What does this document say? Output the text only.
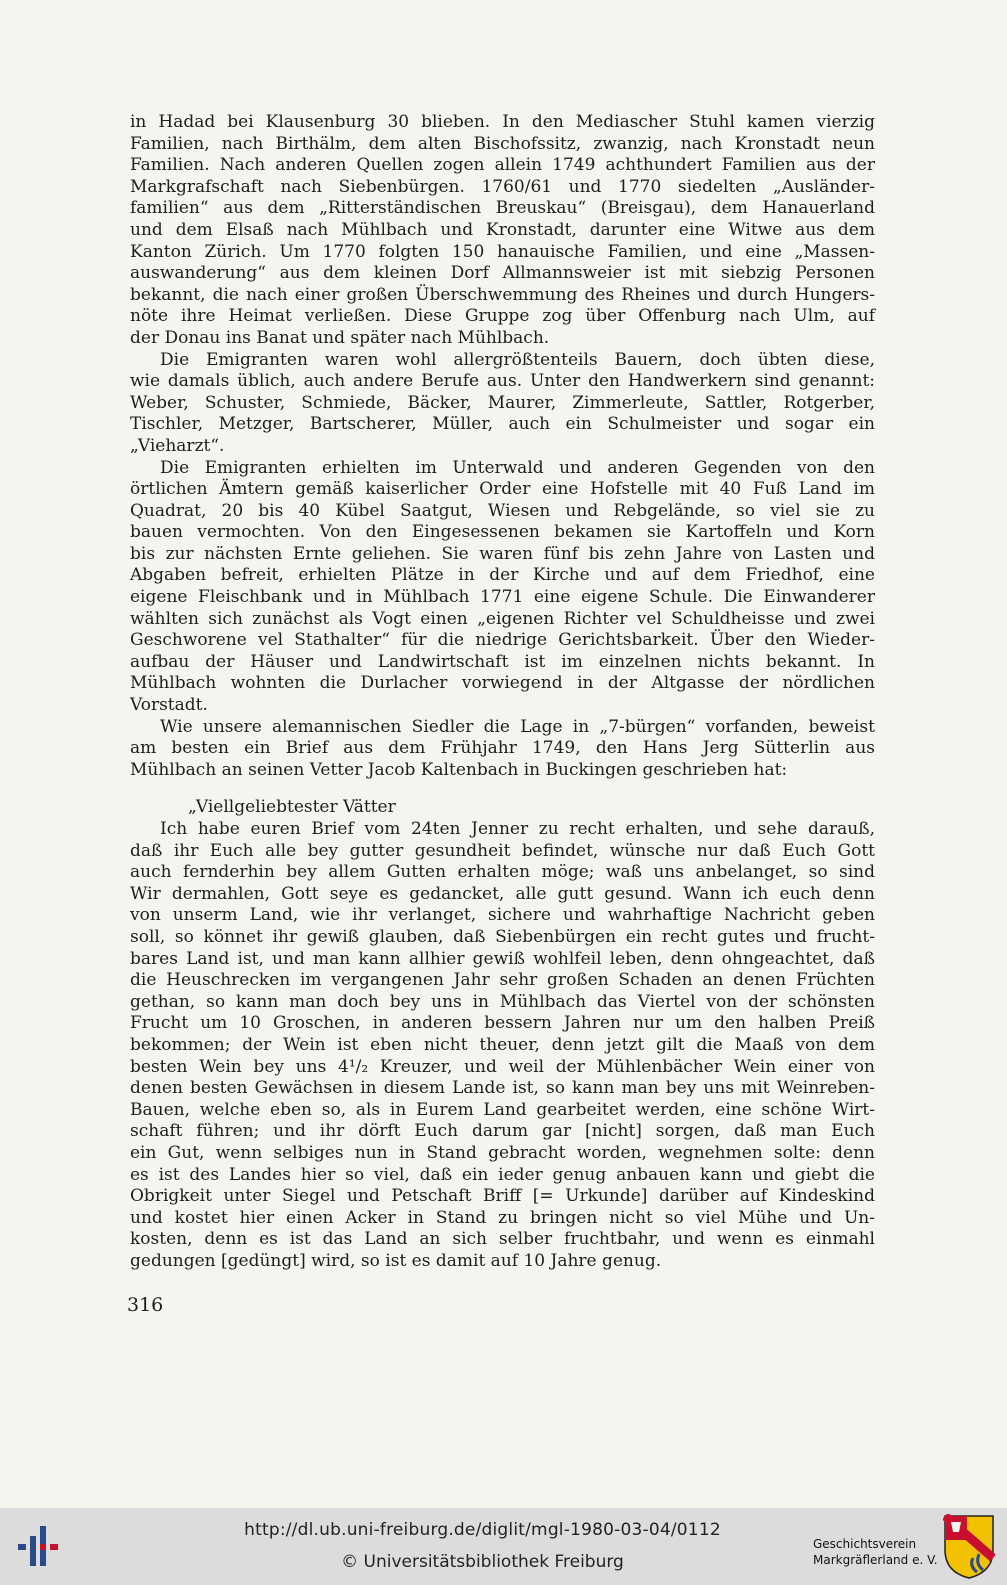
in Hadad bei Klausenburg 30 blieben. In den Mediascher Stuhl kamen vierzig
Familien, nach Birthälm, dem alten Bischofssitz, zwanzig, nach Kronstadt neun
Familien. Nach anderen Quellen zogen allein 1749 achthundert Familien aus der
Markgrafschaft nach Siebenbürgen. 1760/61 und 1770 siedelten „Ausländer-
familien“ aus dem „Ritterständischen Breuskau“ (Breisgau), dem Hanauerland
und dem Elsaß nach Mühlbach und Kronstadt, darunter eine Witwe aus dem
Kanton Zürich. Um 1770 folgten 150 hanauische Familien, und eine „Massen-
auswanderung“ aus dem kleinen Dorf Allmannsweier ist mit siebzig Personen
bekannt, die nach einer großen Überschwemmung des Rheines und durch Hungers-
nöte ihre Heimat verließen. Diese Gruppe zog über Offenburg nach Ulm, auf
der Donau ins Banat und später nach Mühlbach.
Die Emigranten waren wohl allergrößtenteils Bauern, doch übten diese,
wie damals üblich, auch andere Berufe aus. Unter den Handwerkern sind genannt:
Weber, Schuster, Schmiede, Bäcker, Maurer, Zimmerleute, Sattler, Rotgerber,
Tischler, Metzger, Bartscherer, Müller, auch ein Schulmeister und sogar ein
„Vieharzt“.
Die Emigranten erhielten im Unterwald und anderen Gegenden von den
örtlichen Ämtern gemäß kaiserlicher Order eine Hofstelle mit 40 Fuß Land im
Quadrat, 20 bis 40 Kübel Saatgut, Wiesen und Rebgelände, so viel sie zu
bauen vermochten. Von den Eingesessenen bekamen sie Kartoffeln und Korn
bis zur nächsten Ernte geliehen. Sie waren fünf bis zehn Jahre von Lasten und
Abgaben befreit, erhielten Plätze in der Kirche und auf dem Friedhof, eine
eigene Fleischbank und in Mühlbach 1771 eine eigene Schule. Die Einwanderer
wählten sich zunächst als Vogt einen „eigenen Richter vel Schuldheisse und zwei
Geschworene vel Stathalter“ für die niedrige Gerichtsbarkeit. Über den Wieder-
aufbau der Häuser und Landwirtschaft ist im einzelnen nichts bekannt. In
Mühlbach wohnten die Durlacher vorwiegend in der Altgasse der nördlichen
Vorstadt.
Wie unsere alemannischen Siedler die Lage in „7-bürgen“ vorfanden, beweist
am besten ein Brief aus dem Frühjahr 1749, den Hans Jerg Sütterlin aus
Mühlbach an seinen Vetter Jacob Kaltenbach in Buckingen geschrieben hat:
„Viellgeliebtester Vätter
Ich habe euren Brief vom 24ten Jenner zu recht erhalten, und sehe darauß,
daß ihr Euch alle bey gutter gesundheit befindet, wünsche nur daß Euch Gott
auch fernderhin bey allem Gutten erhalten möge; waß uns anbelanget, so sind
Wir dermahlen, Gott seye es gedancket, alle gutt gesund. Wann ich euch denn
von unserm Land, wie ihr verlanget, sichere und wahrhaftige Nachricht geben
soll, so könnet ihr gewiß glauben, daß Siebenbürgen ein recht gutes und frucht-
bares Land ist, und man kann allhier gewiß wohlfeil leben, denn ohngeachtet, daß
die Heuschrecken im vergangenen Jahr sehr großen Schaden an denen Früchten
gethan, so kann man doch bey uns in Mühlbach das Viertel von der schönsten
Frucht um 10 Groschen, in anderen bessern Jahren nur um den halben Preiß
bekommen; der Wein ist eben nicht theuer, denn jetzt gilt die Maaß von dem
besten Wein bey uns 4¹/₂ Kreuzer, und weil der Mühlenbächer Wein einer von
denen besten Gewächsen in diesem Lande ist, so kann man bey uns mit Weinreben-
Bauen, welche eben so, als in Eurem Land gearbeitet werden, eine schöne Wirt-
schaft führen; und ihr dörft Euch darum gar [nicht] sorgen, daß man Euch
ein Gut, wenn selbiges nun in Stand gebracht worden, wegnehmen solte: denn
es ist des Landes hier so viel, daß ein ieder genug anbauen kann und giebt die
Obrigkeit unter Siegel und Petschaft Briff [= Urkunde] darüber auf Kindeskind
und kostet hier einen Acker in Stand zu bringen nicht so viel Mühe und Un-
kosten, denn es ist das Land an sich selber fruchtbahr, und wenn es einmahl
gedungen [gedüngt] wird, so ist es damit auf 10 Jahre genug.
316
http://dl.ub.uni-freiburg.de/diglit/mgl-1980-03-04/0112
© Universitätsbibliothek Freiburg
Geschichtsverein
Markgräflerland e. V.
